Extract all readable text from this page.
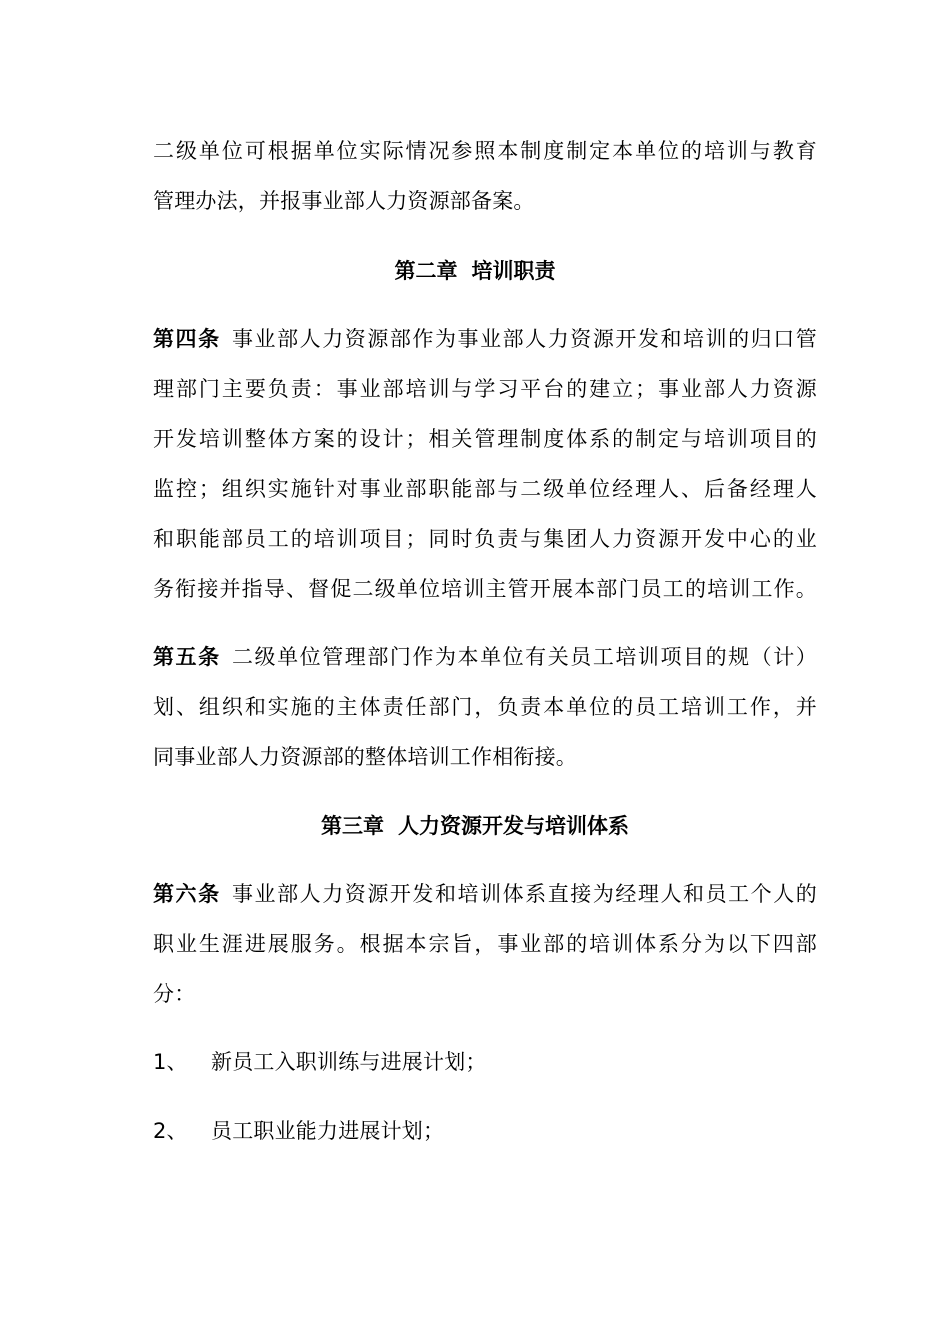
二级单位可根据单位实际情况参照本制度制定本单位的培训与教育
管理办法，并报事业部人力资源部备案。
第二章 培训职责
第四条 事业部人力资源部作为事业部人力资源开发和培训的归口管
理部门主要负责：事业部培训与学习平台的建立；事业部人力资源
开发培训整体方案的设计；相关管理制度体系的制定与培训项目的
监控；组织实施针对事业部职能部与二级单位经理人、后备经理人
和职能部员工的培训项目；同时负责与集团人力资源开发中心的业
务衔接并指导、督促二级单位培训主管开展本部门员工的培训工作。
第五条 二级单位管理部门作为本单位有关员工培训项目的规（计）
划、组织和实施的主体责任部门，负责本单位的员工培训工作，并
同事业部人力资源部的整体培训工作相衔接。
第三章 人力资源开发与培训体系
第六条 事业部人力资源开发和培训体系直接为经理人和员工个人的
职业生涯进展服务。根据本宗旨，事业部的培训体系分为以下四部
分：
1、 新员工入职训练与进展计划；
2、 员工职业能力进展计划；
